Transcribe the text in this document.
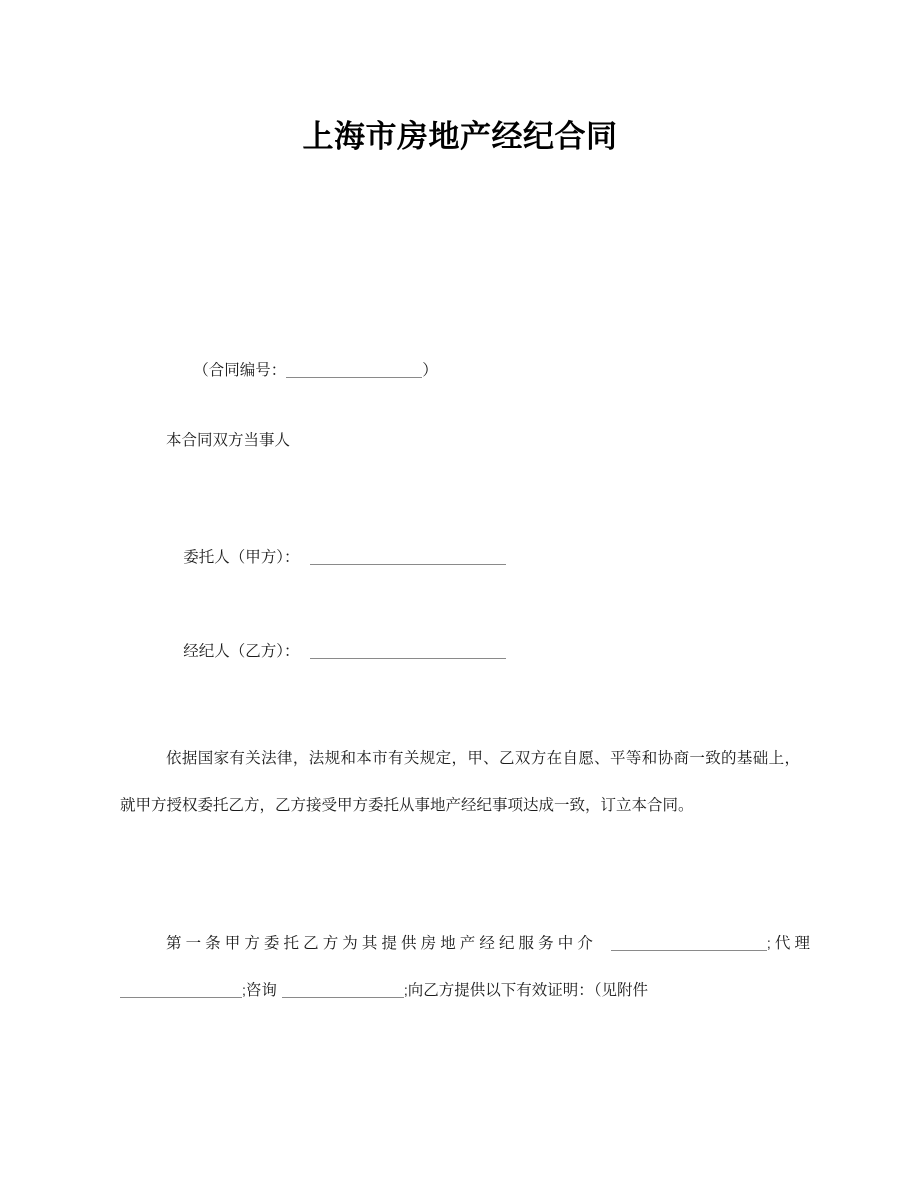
上海市房地产经纪合同

（合同编号：	）

本合同双方当事人

委托人（甲方）：

经纪人（乙方）：

依据国家有关法律，法规和本市有关规定，甲、乙双方在自愿、平等和协商一致的基础上，就甲方授权委托乙方，乙方接受甲方委托从事地产经纪事项达成一致，订立本合同。
第一条甲方委托乙方为其提供房地产经纪服务中介	;代理;咨询	;向乙方提供以下有效证明：（见附件
